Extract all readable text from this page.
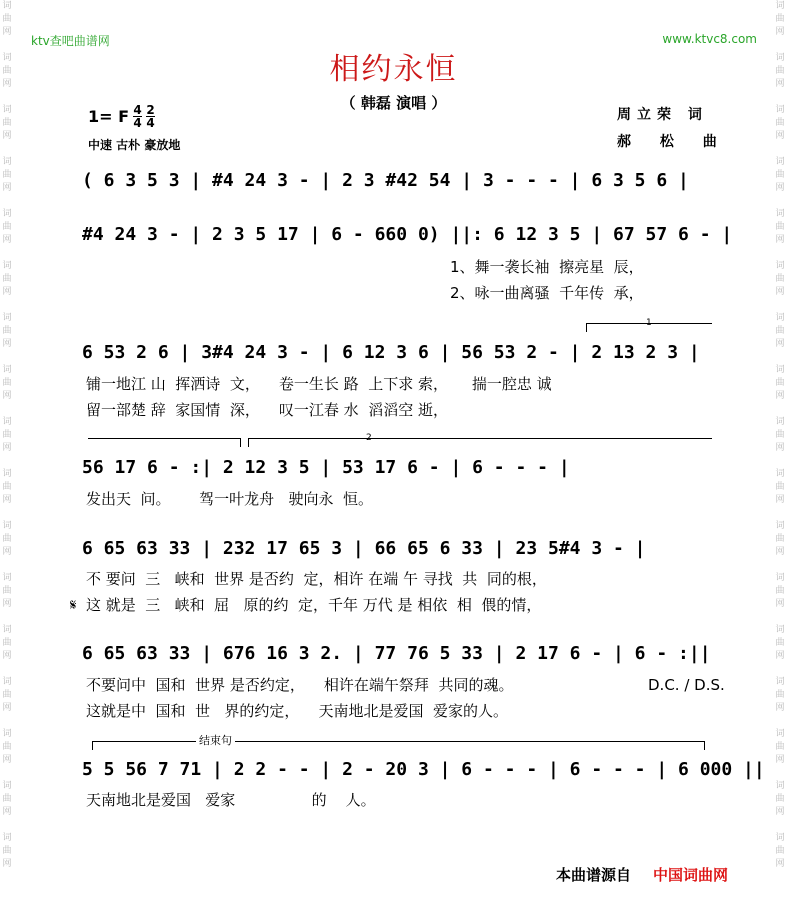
词
曲
网

词
曲
网

词
曲
网

词
曲
网

词
曲
网

词
曲
网

词
曲
网

词
曲
网

词
曲
网

词
曲
网

词
曲
网

词
曲
网

词
曲
网

词
曲
网

词
曲
网

词
曲
网

词
曲
网

词
曲
网

词
曲
网

词
曲
网

词
曲
网

词
曲
网

词
曲
网

词
曲
网

词
曲
网

词
曲
网

词
曲
网

词
曲
网

词
曲
网

词
曲
网

词
曲
网

词
曲
网

词
曲
网

词
曲
网

ktv查吧曲谱网	www.ktvc8.com
相约永恒
（ 韩磊 演唱 ）
1= F $\frac{4}{4} \frac{2}{4}$
中速 古朴 豪放地
周立荣 词
郝 松 曲
( 6 3 5 3 | #4 24 3 - | 2 3 #42 54 | 3 - - - | 6 3 5 6 |
#4 24 3 - | 2 3 5 17 | 6 - 660 0) ||: 6 12 3 5 | 67 57 6 - |
1、舞一袭长袖  擦亮星  辰，
2、咏一曲离骚  千年传  承，
1
6 53 2 6 | 3#4 24 3 - | 6 12 3 6 | 56 53 2 - | 2 13 2 3 |
铺一地江 山  挥洒诗  文，    卷一生长 路  上下求 索，     揣一腔忠 诚
留一部楚 辞  家国情  深，    叹一江春 水  滔滔空 逝，
2
56 17 6 - :| 2 12 3 5 | 53 17 6 - | 6 - - - |
发出天  问。      驾一叶龙舟   驶向永  恒。
6 65 63 33 | 232 17 65 3 | 66 65 6 33 | 23 5#4 3 - |
不 要问  三   峡和  世界 是否约  定，相许 在端 午 寻找  共  同的根，
𝄋 这 就是  三   峡和  屈   原的约  定，千年 万代 是 相依  相  偎的情，
6 65 63 33 | 676 16 3 2. | 77 76 5 33 | 2 17 6 - | 6 - :||
不要问中  国和  世界 是否约定，    相许在端午祭拜  共同的魂。	D.C. / D.S.
这就是中  国和  世   界的约定，    天南地北是爱国  爱家的人。
结束句
5 5 56 7 71 | 2 2 - - | 2 - 20 3 | 6 - - - | 6 - - - | 6 000 ||
天南地北是爱国   爱家                的    人。
本曲谱源自 中国词曲网
